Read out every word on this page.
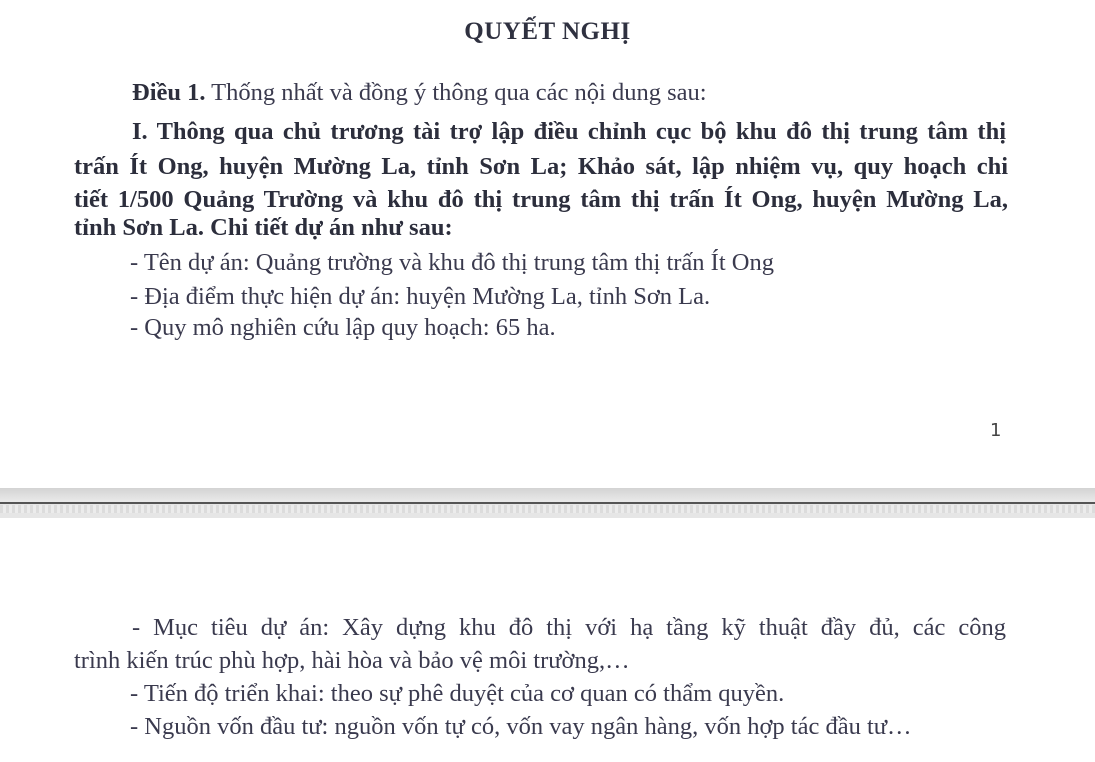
QUYẾT NGHỊ
Điều 1. Thống nhất và đồng ý thông qua các nội dung sau:
I. Thông qua chủ trương tài trợ lập điều chỉnh cục bộ khu đô thị trung tâm thị
trấn Ít Ong, huyện Mường La, tỉnh Sơn La; Khảo sát, lập nhiệm vụ, quy hoạch chi
tiết 1/500 Quảng Trường và khu đô thị trung tâm thị trấn Ít Ong, huyện Mường La,
tỉnh Sơn La. Chi tiết dự án như sau:
- Tên dự án: Quảng trường và khu đô thị trung tâm thị trấn Ít Ong
- Địa điểm thực hiện dự án: huyện Mường La, tỉnh Sơn La.
- Quy mô nghiên cứu lập quy hoạch: 65 ha.
1
- Mục tiêu dự án: Xây dựng khu đô thị với hạ tầng kỹ thuật đầy đủ, các công
trình kiến trúc phù hợp, hài hòa và bảo vệ môi trường,…
- Tiến độ triển khai: theo sự phê duyệt của cơ quan có thẩm quyền.
- Nguồn vốn đầu tư: nguồn vốn tự có, vốn vay ngân hàng, vốn hợp tác đầu tư…
